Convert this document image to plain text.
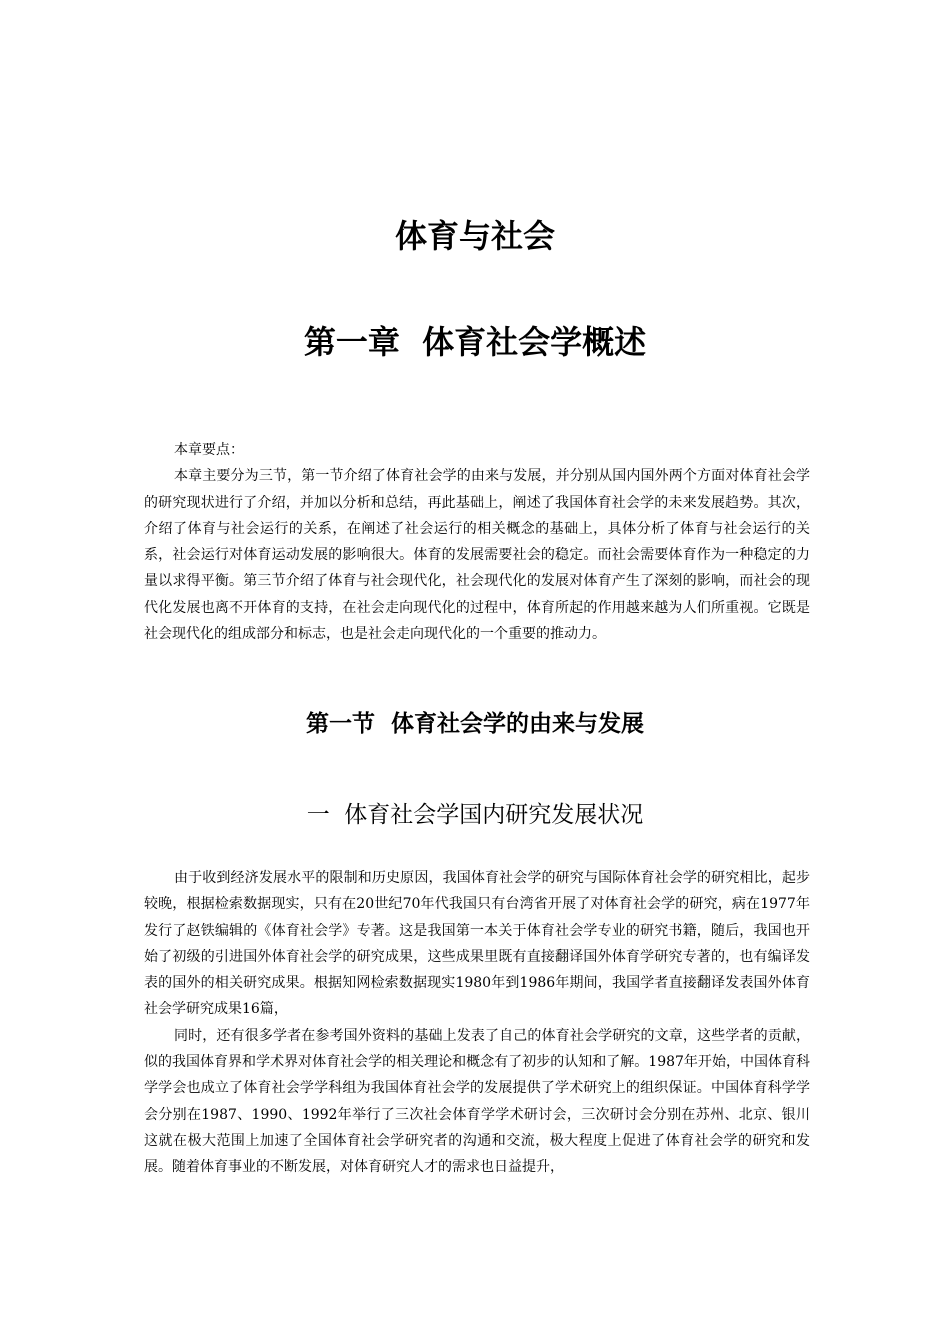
体育与社会
第一章  体育社会学概述

本章要点：

本章主要分为三节，第一节介绍了体育社会学的由来与发展，并分别从国内国外两个方面对体育社会学的研究现状进行了介绍，并加以分析和总结，再此基础上，阐述了我国体育社会学的未来发展趋势。其次，介绍了体育与社会运行的关系，在阐述了社会运行的相关概念的基础上，具体分析了体育与社会运行的关系，社会运行对体育运动发展的影响很大。体育的发展需要社会的稳定。而社会需要体育作为一种稳定的力量以求得平衡。第三节介绍了体育与社会现代化，社会现代化的发展对体育产生了深刻的影响，而社会的现代化发展也离不开体育的支持，在社会走向现代化的过程中，体育所起的作用越来越为人们所重视。它既是社会现代化的组成部分和标志，也是社会走向现代化的一个重要的推动力。

第一节  体育社会学的由来与发展
一  体育社会学国内研究发展状况

由于收到经济发展水平的限制和历史原因，我国体育社会学的研究与国际体育社会学的研究相比，起步较晚，根据检索数据现实，只有在20世纪70年代我国只有台湾省开展了对体育社会学的研究，病在1977年发行了赵铁编辑的《体育社会学》专著。这是我国第一本关于体育社会学专业的研究书籍，随后，我国也开始了初级的引进国外体育社会学的研究成果，这些成果里既有直接翻译国外体育学研究专著的，也有编译发表的国外的相关研究成果。根据知网检索数据现实1980年到1986年期间，我国学者直接翻译发表国外体育社会学研究成果16篇，

同时，还有很多学者在参考国外资料的基础上发表了自己的体育社会学研究的文章，这些学者的贡献，似的我国体育界和学术界对体育社会学的相关理论和概念有了初步的认知和了解。1987年开始，中国体育科学学会也成立了体育社会学学科组为我国体育社会学的发展提供了学术研究上的组织保证。中国体育科学学会分别在1987、1990、1992年举行了三次社会体育学学术研讨会，三次研讨会分别在苏州、北京、银川这就在极大范围上加速了全国体育社会学研究者的沟通和交流，极大程度上促进了体育社会学的研究和发展。随着体育事业的不断发展，对体育研究人才的需求也日益提升，
